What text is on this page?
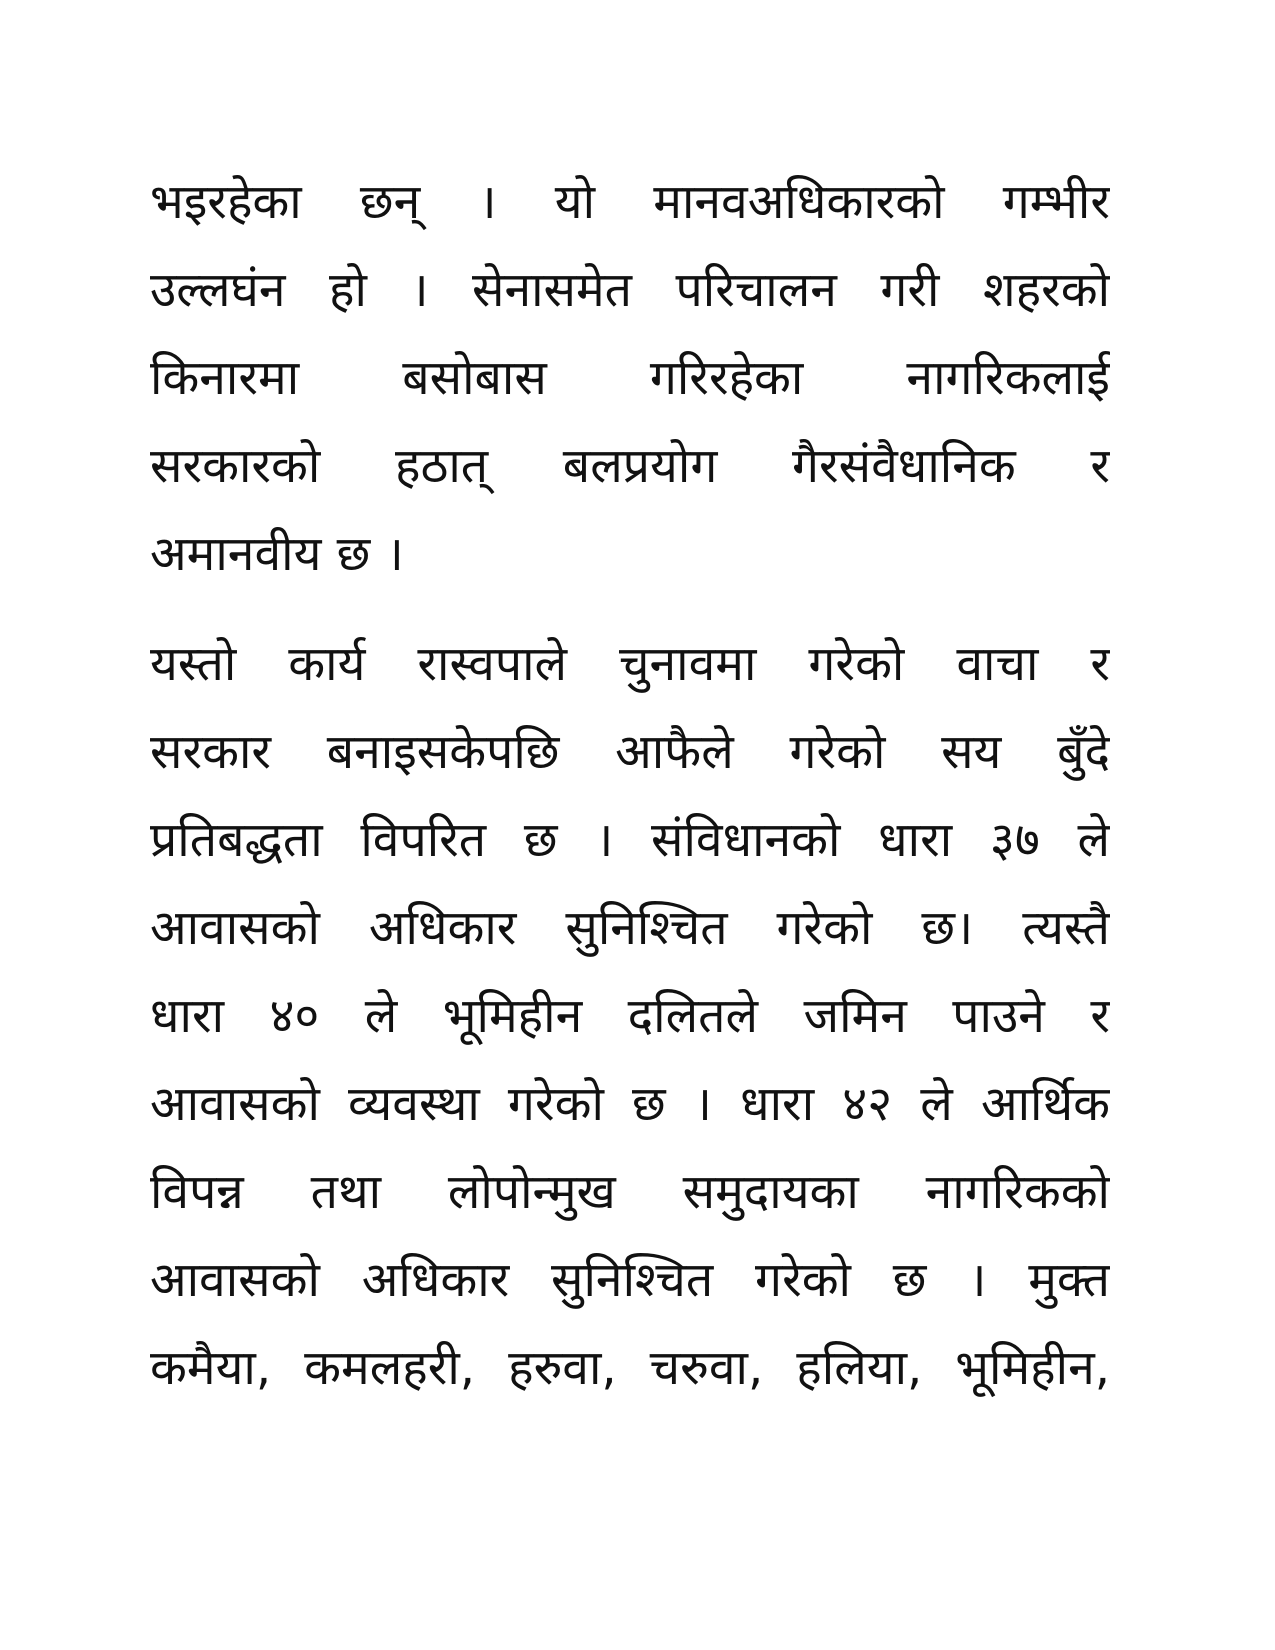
भइरहेका छन् । यो मानवअधिकारको गम्भीर
उल्लघंन हो । सेनासमेत परिचालन गरी शहरको
किनारमा बसोबास गरिरहेका नागरिकलाई
सरकारको हठात् बलप्रयोग गैरसंवैधानिक र
अमानवीय छ ।
यस्तो कार्य रास्वपाले चुनावमा गरेको वाचा र
सरकार बनाइसकेपछि आफैले गरेको सय बुँदे
प्रतिबद्धता विपरित छ । संविधानको धारा ३७ ले
आवासको अधिकार सुनिश्चित गरेको छ। त्यस्तै
धारा ४० ले भूमिहीन दलितले जमिन पाउने र
आवासको व्यवस्था गरेको छ । धारा ४२ ले आर्थिक
विपन्न तथा लोपोन्मुख समुदायका नागरिकको
आवासको अधिकार सुनिश्चित गरेको छ । मुक्त
कमैया, कमलहरी, हरुवा, चरुवा, हलिया, भूमिहीन,
